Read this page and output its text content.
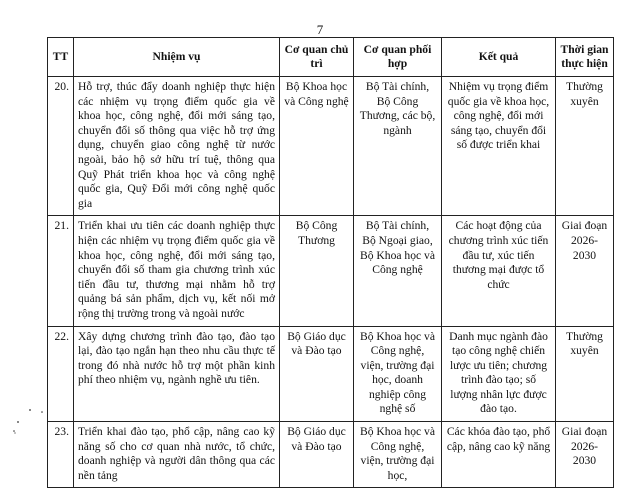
7
TT	Nhiệm vụ	Cơ quan chủ trì	Cơ quan phối hợp	Kết quả	Thời gian thực hiện
20.	Hỗ trợ, thúc đẩy doanh nghiệp thực hiện các nhiệm vụ trọng điểm quốc gia về khoa học, công nghệ, đổi mới sáng tạo, chuyển đổi số thông qua việc hỗ trợ ứng dụng, chuyển giao công nghệ từ nước ngoài, bảo hộ sở hữu trí tuệ, thông qua Quỹ Phát triển khoa học và công nghệ quốc gia, Quỹ Đổi mới công nghệ quốc gia	Bộ Khoa học và Công nghệ	Bộ Tài chính, Bộ Công Thương, các bộ, ngành	Nhiệm vụ trọng điểm quốc gia về khoa học, công nghệ, đổi mới sáng tạo, chuyển đổi số được triển khai	Thường xuyên
21.	Triển khai ưu tiên các doanh nghiệp thực hiện các nhiệm vụ trọng điểm quốc gia về khoa học, công nghệ, đổi mới sáng tạo, chuyển đổi số tham gia chương trình xúc tiến đầu tư, thương mại nhằm hỗ trợ quảng bá sản phẩm, dịch vụ, kết nối mở rộng thị trường trong và ngoài nước	Bộ Công Thương	Bộ Tài chính, Bộ Ngoại giao, Bộ Khoa học và Công nghệ	Các hoạt động của chương trình xúc tiến đầu tư, xúc tiến thương mại được tổ chức	Giai đoạn 2026-2030
22.	Xây dựng chương trình đào tạo, đào tạo lại, đào tạo ngắn hạn theo nhu cầu thực tế trong đó nhà nước hỗ trợ một phần kinh phí theo nhiệm vụ, ngành nghề ưu tiên.	Bộ Giáo dục và Đào tạo	Bộ Khoa học và Công nghệ, viện, trường đại học, doanh nghiệp công nghệ số	Danh mục ngành đào tạo công nghệ chiến lược ưu tiên; chương trình đào tạo; số lượng nhân lực được đào tạo.	Thường xuyên
23.	Triển khai đào tạo, phổ cập, nâng cao kỹ năng số cho cơ quan nhà nước, tổ chức, doanh nghiệp và người dân thông qua các nền tảng	Bộ Giáo dục và Đào tạo	Bộ Khoa học và Công nghệ, viện, trường đại học,	Các khóa đào tạo, phổ cập, nâng cao kỹ năng	Giai đoạn 2026-2030
